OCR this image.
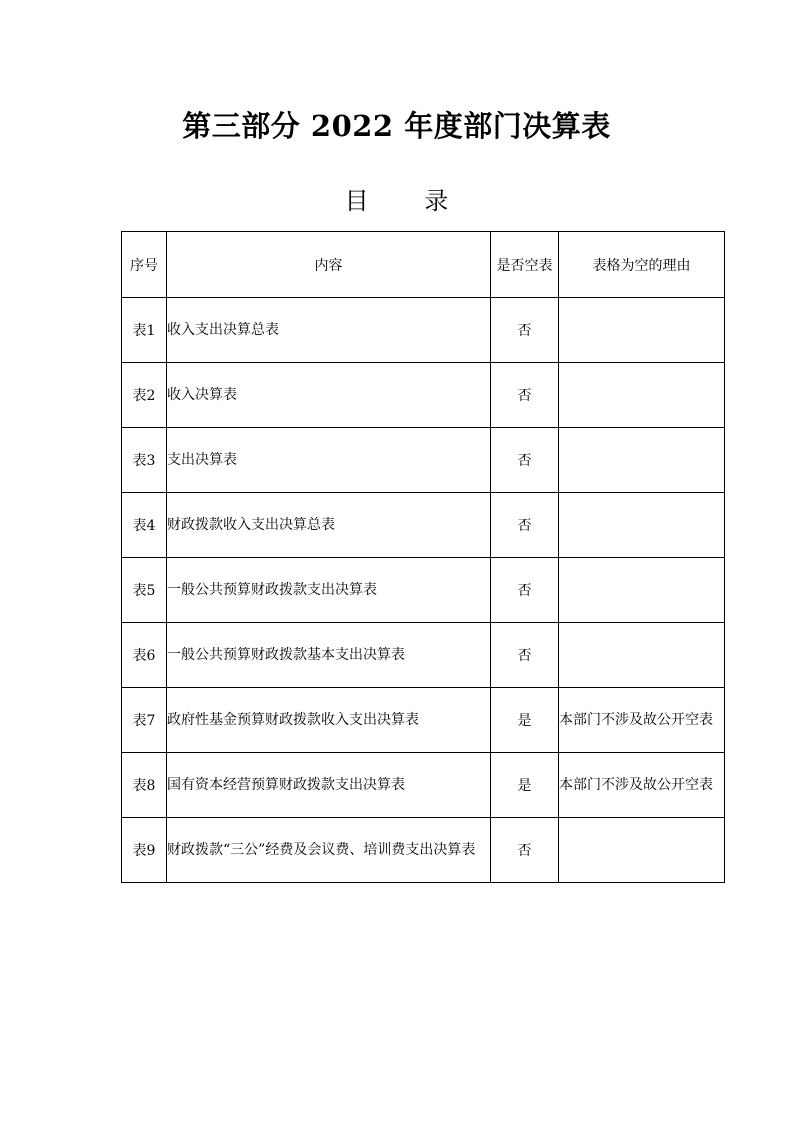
第三部分 2022 年度部门决算表
目 录
序号	内容	是否空表	表格为空的理由
表1	收入支出决算总表	否	
表2	收入决算表	否	
表3	支出决算表	否	
表4	财政拨款收入支出决算总表	否	
表5	一般公共预算财政拨款支出决算表	否	
表6	一般公共预算财政拨款基本支出决算表	否	
表7	政府性基金预算财政拨款收入支出决算表	是	本部门不涉及故公开空表
表8	国有资本经营预算财政拨款支出决算表	是	本部门不涉及故公开空表
表9	财政拨款“三公”经费及会议费、培训费支出决算表	否	
